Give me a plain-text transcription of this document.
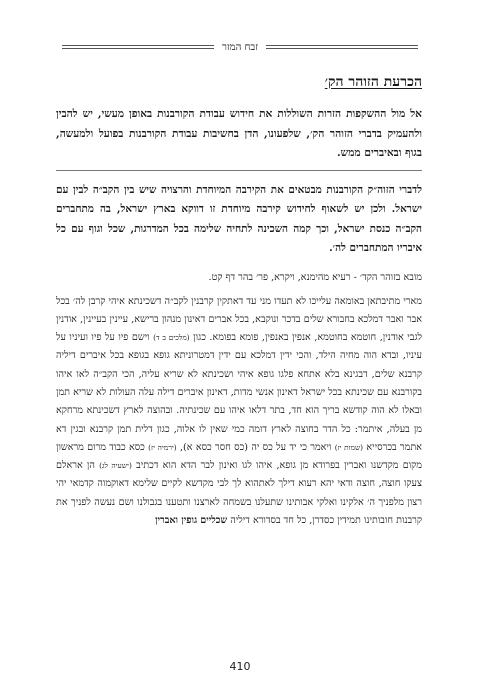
זבח המזר
הכרעת הזוהר הק׳

אל מול ההשקפות הזרות השוללות את חידוש עבודת הקורבנות באופן מעשי, יש להבין ולהעמיק בדברי הזוהר הק׳, שלפעונו, הדן בחשיבות עבודת הקורבנות בפועל ולמעשה, בגוף ובאיברים ממש.

לדברי הזוה״ק הקורבנות מבטאים את הקירבה המיוחדת והרצויה שיש בין הקב״ה לבין עם ישראל. ולכן יש לשאוף לחידוש קירבה מיוחדת זו דווקא בארץ ישראל, בה מתחברים הקב״ה כנסת ישראל, וכך קמה השכינה לתחיה שלימה בכל המדרגות, שכל וגוף עם כל איבריו המתחברים לה׳.

מובא בזוהר הקד׳ - רעיא מהימנא, ויקרא, פר׳ בהר דף קט.

מארי מתיבתאן באומאה עלייכו לא תעדו מני עד דאתקין קרבנין לקב״ה דשכינתא איהי קרבן לה׳ בכל אבר ואבר דמלכא בחבורא שלים בדכר ונוקבא, בכל אברים דאינון מנהון ברישא, עיינין בעיינין, אודנין לגבי אודנין, חוטמא בחוטמא, אנפין באנפין, פומא בפומא. כגון (מלכים ב ד) וישם פיו על פיו ועיניו על עיניו, ובדא הוה מחיה הילד, והכי ידין דמלכא עם ידין דמטרוניתא גופא בגופא בכל איברים דיליה קרבנא שלים, דבגינא בלא אתחא פלגו גופא איהי ושכינתא לא שריא עליה, הכי הקב״ה לאו איהו בקורבנא עם שכינתא בכל ישראל דאינון אנשי מדות, דאינון איברים דילה עלה העולות לא שריא תמן ובאלו לא הוה קודשא בריך הוא חד, בתר דלאו איהו עם שכינתיה. ובהוצה לארץ דשכינתא מרחקא מן בעלה, איתמר: כל הדר בחוצה לארץ דומה כמי שאין לו אלוה, כגון דלית תמן קרבנא ובגין דא אתמר בכרסייא (שמות יז) ויאמר כי יד על כס יה (כס חסר כסא א), (ירמיה יז) כסא כבוד מרום מראשון מקום מקדשנו ואברין בפרודא מן גופא, איהו לגו ואינון לבר הדא הוא דכתיב (ישעיה לג) הן אראלם צעקו חוצה, חוצה ודאי יהא רעוא דילך לאתהוא לך לבי מקדשא לקיים שלימא דאוקמוה קדמאי יהי רצון מלפניך ה׳ אלקינו ואלקי אבותינו שתעלנו בשמחה לארצנו ותטענו בגבולנו ושם נעשה לפניך את קרבנות חובותינו תמידין כסדרן, כל חד בסדורא דיליה שכליים גופין ואברין

410
